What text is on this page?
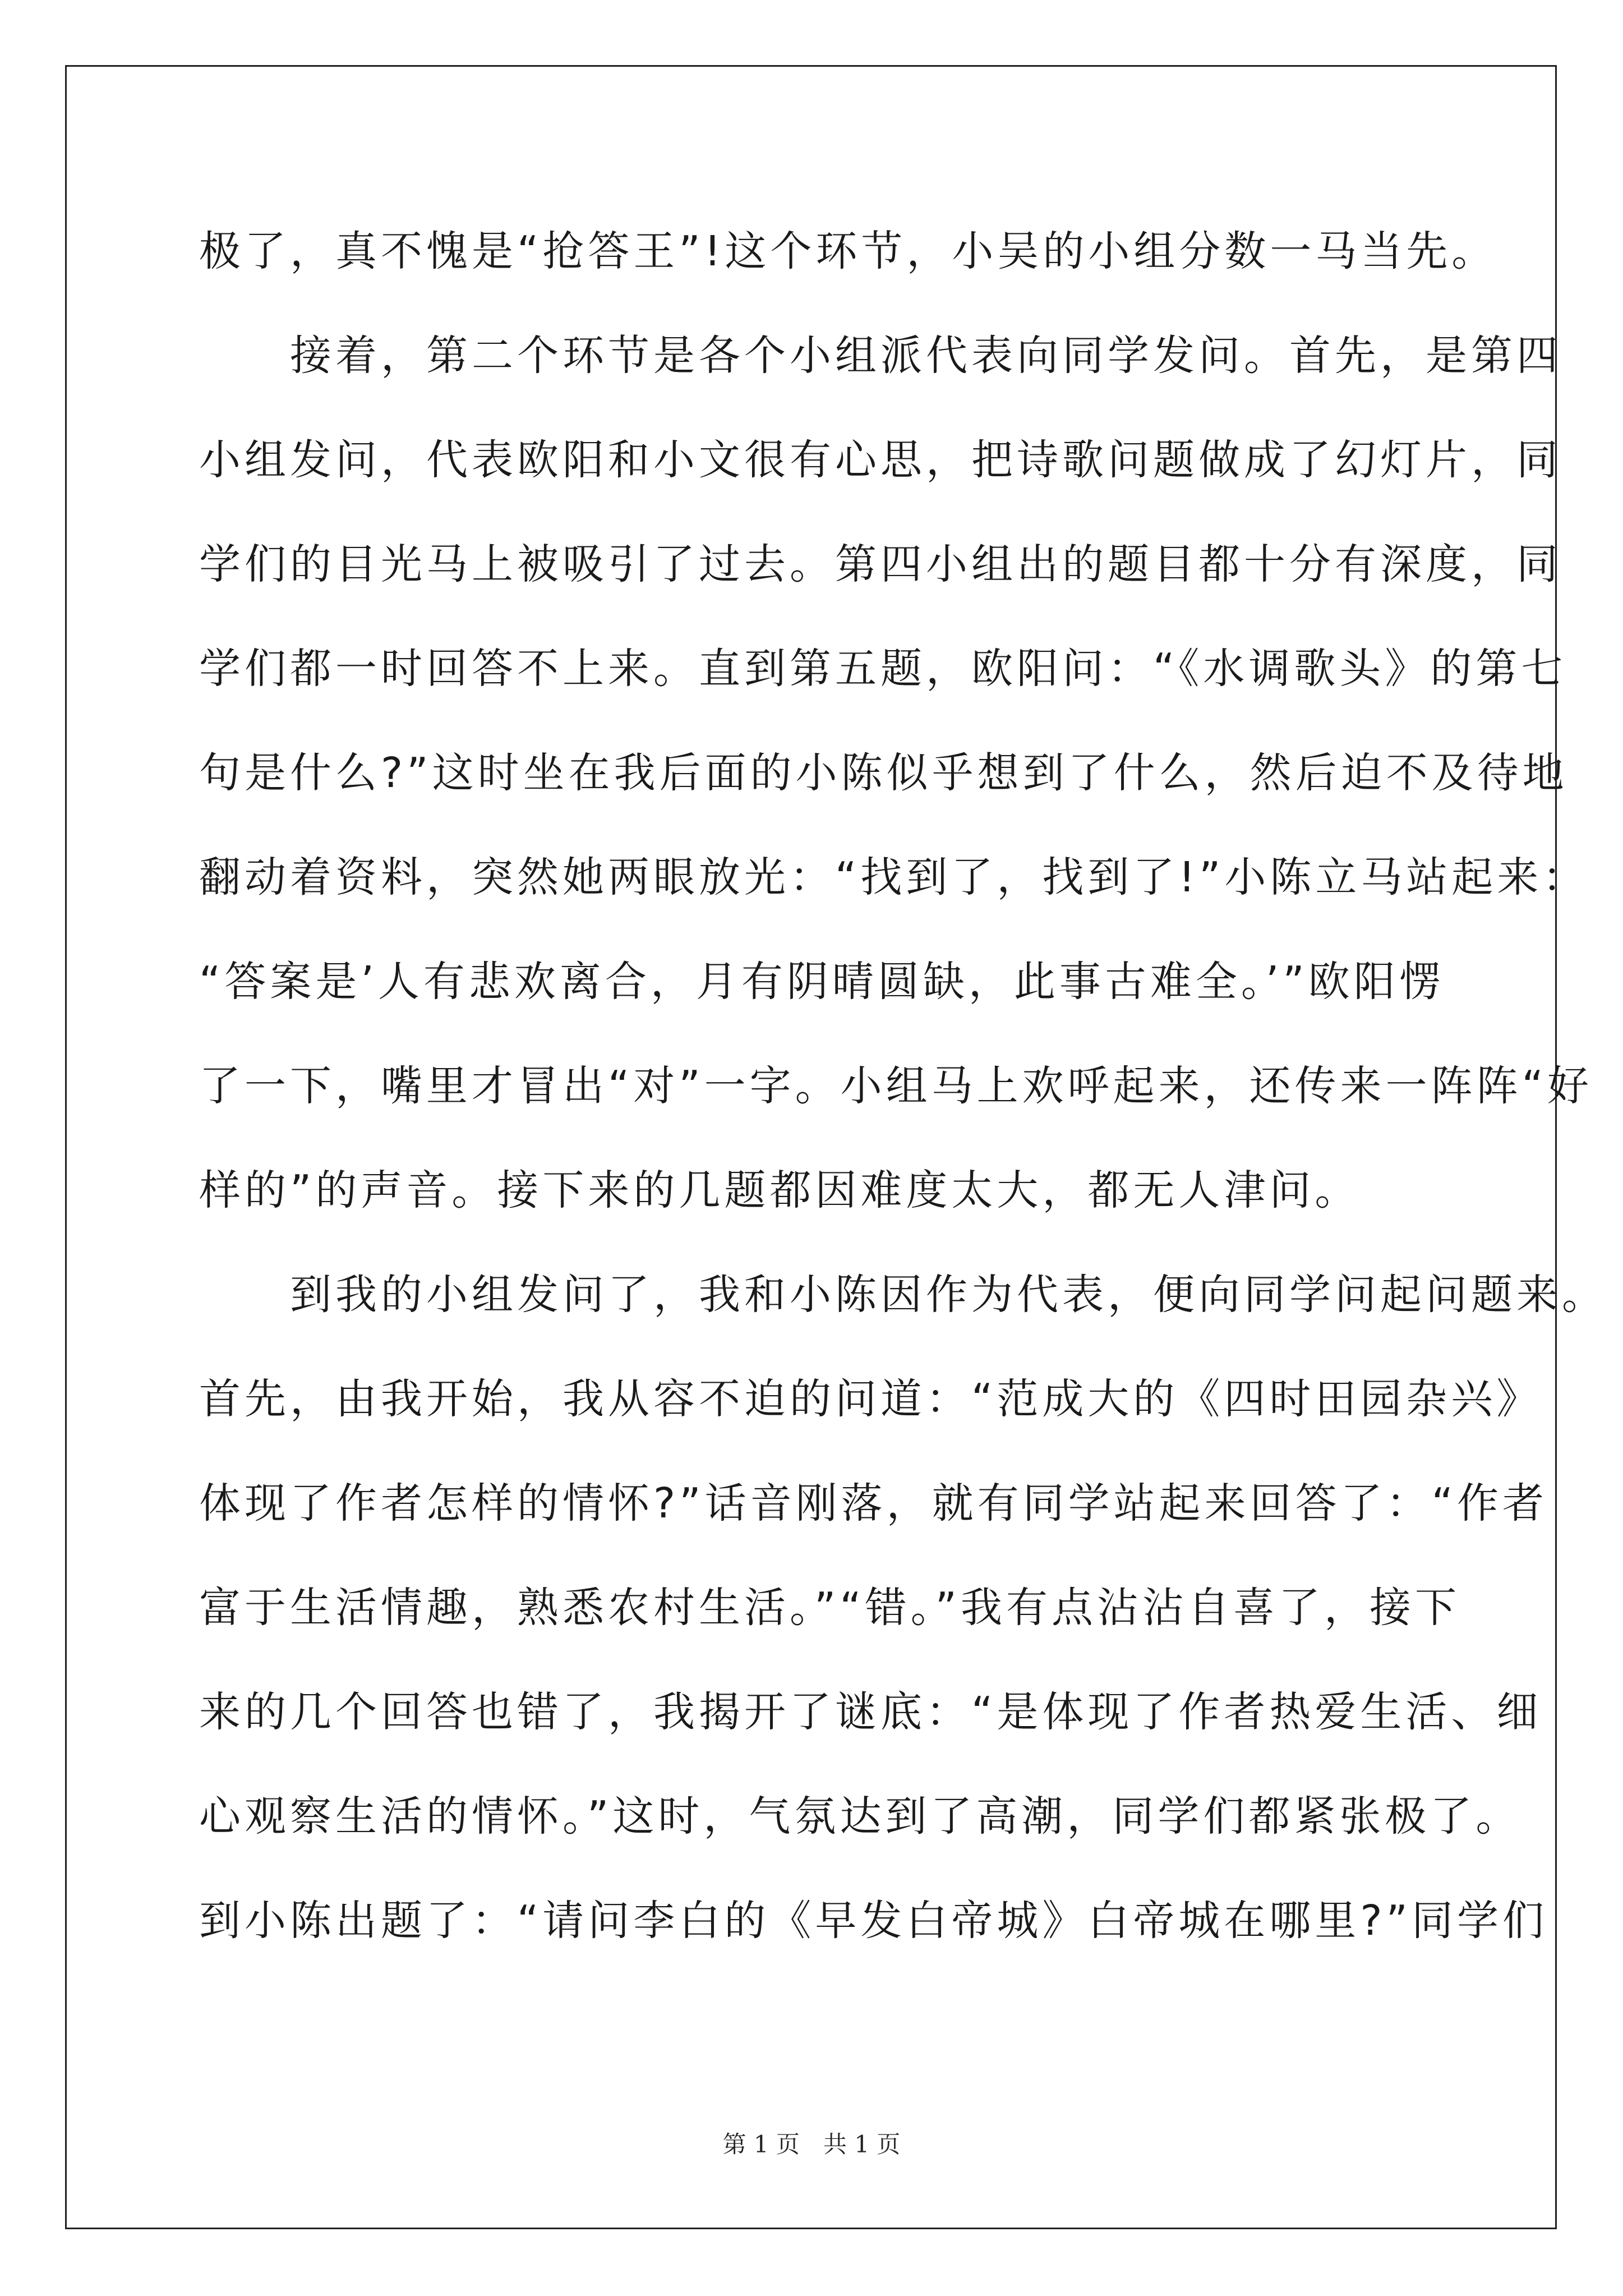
极了，真不愧是“抢答王”!这个环节，小吴的小组分数一马当先。
　　接着，第二个环节是各个小组派代表向同学发问。首先，是第四
小组发问，代表欧阳和小文很有心思，把诗歌问题做成了幻灯片，同
学们的目光马上被吸引了过去。第四小组出的题目都十分有深度，同
学们都一时回答不上来。直到第五题，欧阳问：“《水调歌头》的第七
句是什么?”这时坐在我后面的小陈似乎想到了什么，然后迫不及待地
翻动着资料，突然她两眼放光：“找到了，找到了!”小陈立马站起来：
“答案是’人有悲欢离合，月有阴晴圆缺，此事古难全。’”欧阳愣
了一下，嘴里才冒出“对”一字。小组马上欢呼起来，还传来一阵阵“好
样的”的声音。接下来的几题都因难度太大，都无人津问。
　　到我的小组发问了，我和小陈因作为代表，便向同学问起问题来。
首先，由我开始，我从容不迫的问道：“范成大的《四时田园杂兴》
体现了作者怎样的情怀?”话音刚落，就有同学站起来回答了：“作者
富于生活情趣，熟悉农村生活。”“错。”我有点沾沾自喜了，接下
来的几个回答也错了，我揭开了谜底：“是体现了作者热爱生活、细
心观察生活的情怀。”这时，气氛达到了高潮，同学们都紧张极了。
到小陈出题了：“请问李白的《早发白帝城》白帝城在哪里?”同学们
第 1 页　共 1 页
